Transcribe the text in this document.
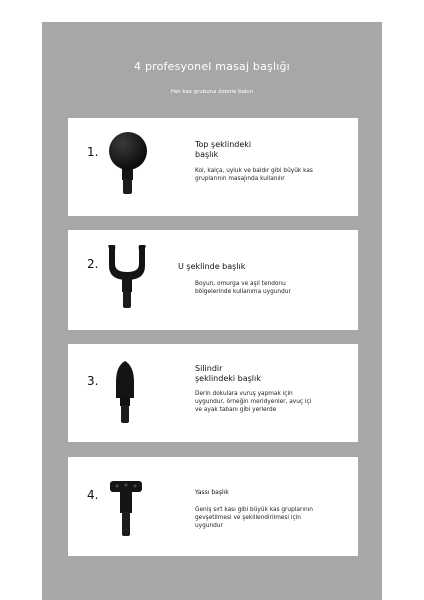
4 profesyonel masaj başlığı
Her kas grubuna özenle bakın
1.
Top şeklindeki
başlık
Kol, kalça, uyluk ve baldır gibi büyük kas
gruplarının masajında kullanılır
2.	U şeklinde başlık
Boyun, omurga ve aşil tendonu
bölgelerinde kullanıma uygundur
3.
Silindir
şeklindeki başlık
Derin dokulara vuruş yapmak için
uygundur, örneğin meridyenler, avuç içi
ve ayak tabanı gibi yerlerde
4.	Yassı başlık
Geniş sırt kası gibi büyük kas gruplarının
gevşetilmesi ve şekillendirilmesi için
uygundur
